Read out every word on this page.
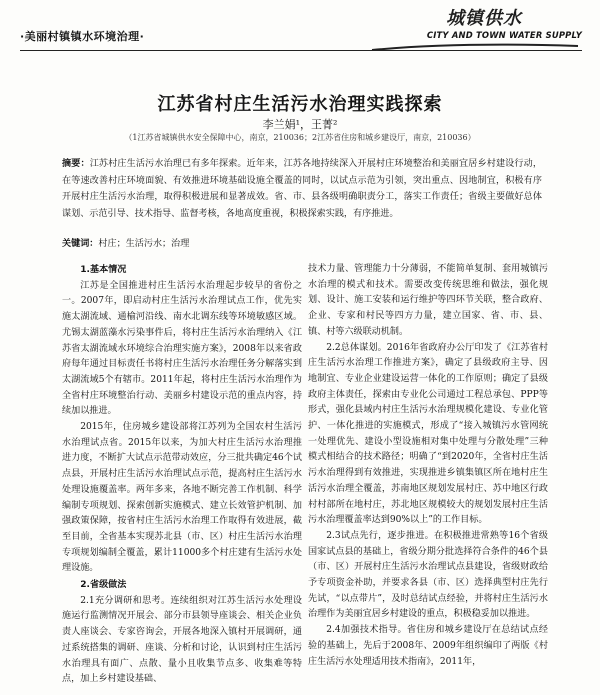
·美丽村镇镇水环境治理·
城镇供水
CITY AND TOWN WATER SUPPLY
江苏省村庄生活污水治理实践探索
李兰娟¹，王菁²
（1江苏省城镇供水安全保障中心，南京，210036；2江苏省住房和城乡建设厅，南京，210036）
摘要：江苏村庄生活污水治理已有多年探索。近年来，江苏各地持续深入开展村庄环境整治和美丽宜居乡村建设行动，在等速改善村庄环境面貌、有效推进环境基础设施全覆盖的同时，以试点示范为引领，突出重点、因地制宜，积极有序开展村庄生活污水治理，取得积极进展和显著成效。省、市、县各级明确职责分工，落实工作责任；省级主要做好总体谋划、示范引导、技术指导、监督考核，各地高度重视，积极探索实践，有序推进。
关键词：村庄；生活污水；治理
1.基本情况

江苏是全国推进村庄生活污水治理起步较早的省份之一。2007年，即启动村庄生活污水治理试点工作，优先实施太湖流域、通榆河沿线、南水北调东线等环境敏感区域。尤锡太湖蓝藻水污染事件后，将村庄生活污水治理纳入《江苏省太湖流域水环境综合治理实施方案》，2008年以来省政府每年通过目标责任书将村庄生活污水治理任务分解落实到太湖流域5个有辖市。2011年起，将村庄生活污水治理作为全省村庄环境整治行动、美丽乡村建设示范的重点内容，持续加以推进。

2015年，住房城乡建设部将江苏列为全国农村生活污水治理试点省。2015年以来，为加大村庄生活污水治理推进力度，不断扩大试点示范带动效应，分三批共确定46个试点县，开展村庄生活污水治理试点示范，提高村庄生活污水处理设施覆盖率。两年多来，各地不断完善工作机制、科学编制专项规划、探索创新实施模式、建立长效管护机制、加强政策保障，按省村庄生活污水治理工作取得有效进展，截至目前，全省基本实现苏北县（市、区）村庄生活污水治理专项规划编制全覆盖，累计11000多个村庄建有生活污水处理设施。

2.省级做法

2.1充分调研和思考。连续组织对江苏生活污水处理设施运行监测情况开展会、部分市县领导座谈会、相关企业负责人座谈会、专家咨询会，开展各地深入镇村开展调研，通过系统搭集的调研、座谈、分析和讨论，认识到村庄生活污水治理具有面广、点散、量小且收集节点多、收集难等特点，加上乡村建设基础、

技术力量、管理能力十分薄弱，不能简单复制、套用城镇污水治理的模式和技术。需要改变传统思维和做法，强化规划、设计、施工安装和运行维护等四环节关联，整合政府、企业、专家和村民等四方力量，建立国家、省、市、县、镇、村等六级联动机制。

2.2总体谋划。2016年省政府办公厅印发了《江苏省村庄生活污水治理工作推进方案》，确定了县级政府主导、因地制宜、专业企业建设运营一体化的工作原则；确定了县级政府主体责任，探索由专业化公司通过工程总承包、PPP等形式，强化县域内村庄生活污水治理规模化建设、专业化管护、一体化推进的实施模式，形成了“接入城镇污水管网统一处理优先、建设小型设施相对集中处理与分散处理”三种模式相结合的技术路径；明确了“到2020年，全省村庄生活污水治理得到有效推进，实现推进乡镇集镇区所在地村庄生活污水治理全覆盖，苏南地区规划发展村庄、苏中地区行政村村部所在地村庄，苏北地区规模较大的规划发展村庄生活污水治理覆盖率达到90%以上”的工作目标。

2.3试点先行，逐步推进。在积极推进常熟等16个省级国家试点县的基础上，省级分期分批选择符合条件的46个县（市、区）开展村庄生活污水治理试点县建设，省级财政给予专项资金补助，并要求各县（市、区）选择典型村庄先行先试，“以点带片”，及时总结试点经验，并将村庄生活污水治理作为美丽宜居乡村建设的重点，积极稳妥加以推进。

2.4加强技术指导。省住房和城乡建设厅在总结试点经验的基础上，先后于2008年、2009年组织编印了两版《村庄生活污水处理适用技术指南》，2011年，
